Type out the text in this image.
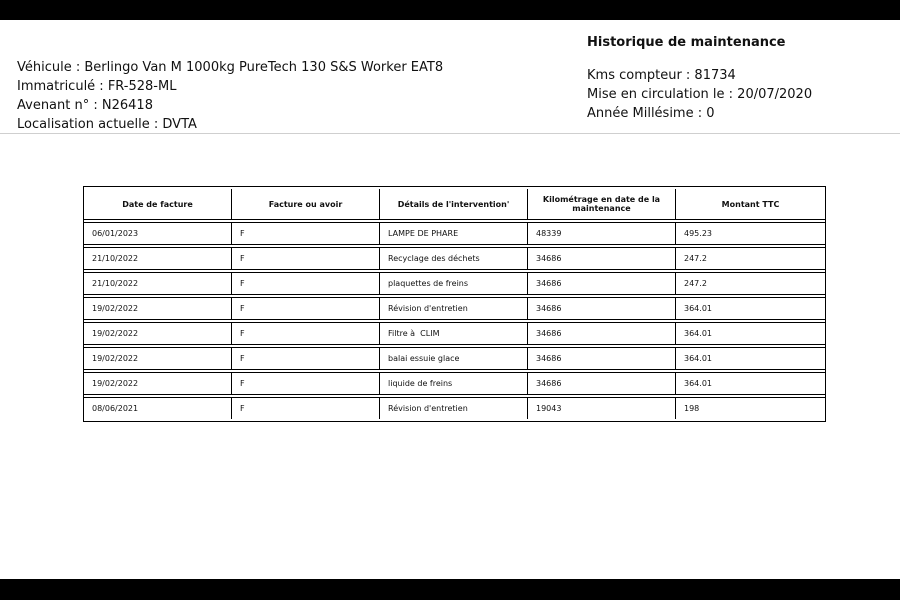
Véhicule : Berlingo Van M 1000kg PureTech 130 S&S Worker EAT8
Immatriculé : FR-528-ML
Avenant n° : N26418
Localisation actuelle : DVTA
Historique de maintenance
Kms compteur : 81734
Mise en circulation le : 20/07/2020
Année Millésime : 0
Date de facture	Facture ou avoir	Détails de l'intervention'	Kilométrage en date de la maintenance	Montant TTC
06/01/2023	F	LAMPE DE PHARE	48339	495.23
21/10/2022	F	Recyclage des déchets	34686	247.2
21/10/2022	F	plaquettes de freins	34686	247.2
19/02/2022	F	Révision d'entretien	34686	364.01
19/02/2022	F	Filtre à  CLIM	34686	364.01
19/02/2022	F	balai essuie glace	34686	364.01
19/02/2022	F	liquide de freins	34686	364.01
08/06/2021	F	Révision d'entretien	19043	198
